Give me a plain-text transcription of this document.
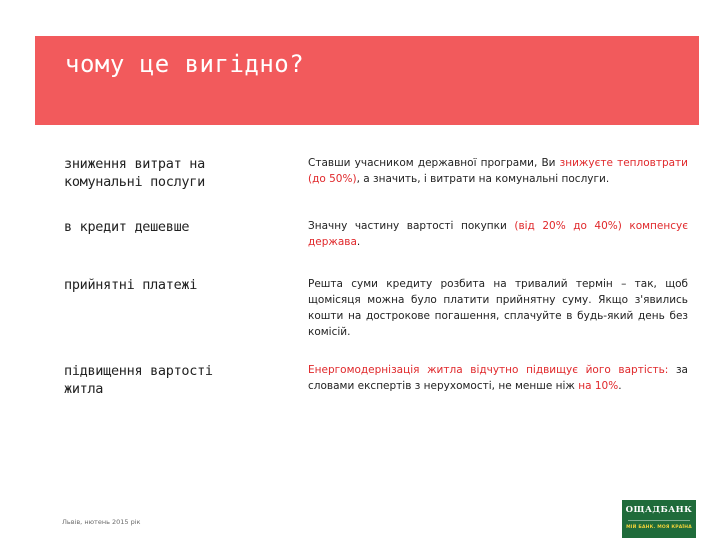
чому це вигідно?
зниження витрат на комунальні послуги
Ставши учасником державної програми, Ви знижуєте тепловтрати (до 50%), а значить, і витрати на комунальні послуги.
в кредит дешевше	Значну частину вартості покупки (від 20% до 40%) компенсує держава.
прийнятні платежі	Решта суми кредиту розбита на тривалий термін – так, щоб щомісяця можна було платити прийнятну суму. Якщо з'явились кошти на дострокове погашення, сплачуйте в будь-який день без комісій.
підвищення вартості житла
Енергомодернізація житла відчутно підвищує його вартість: за словами експертів з нерухомості, не менше ніж на 10%.
Львів, нютень 2015 рік
ОЩАДБАНК
МІЙ БАНК. МОЯ КРАЇНА
